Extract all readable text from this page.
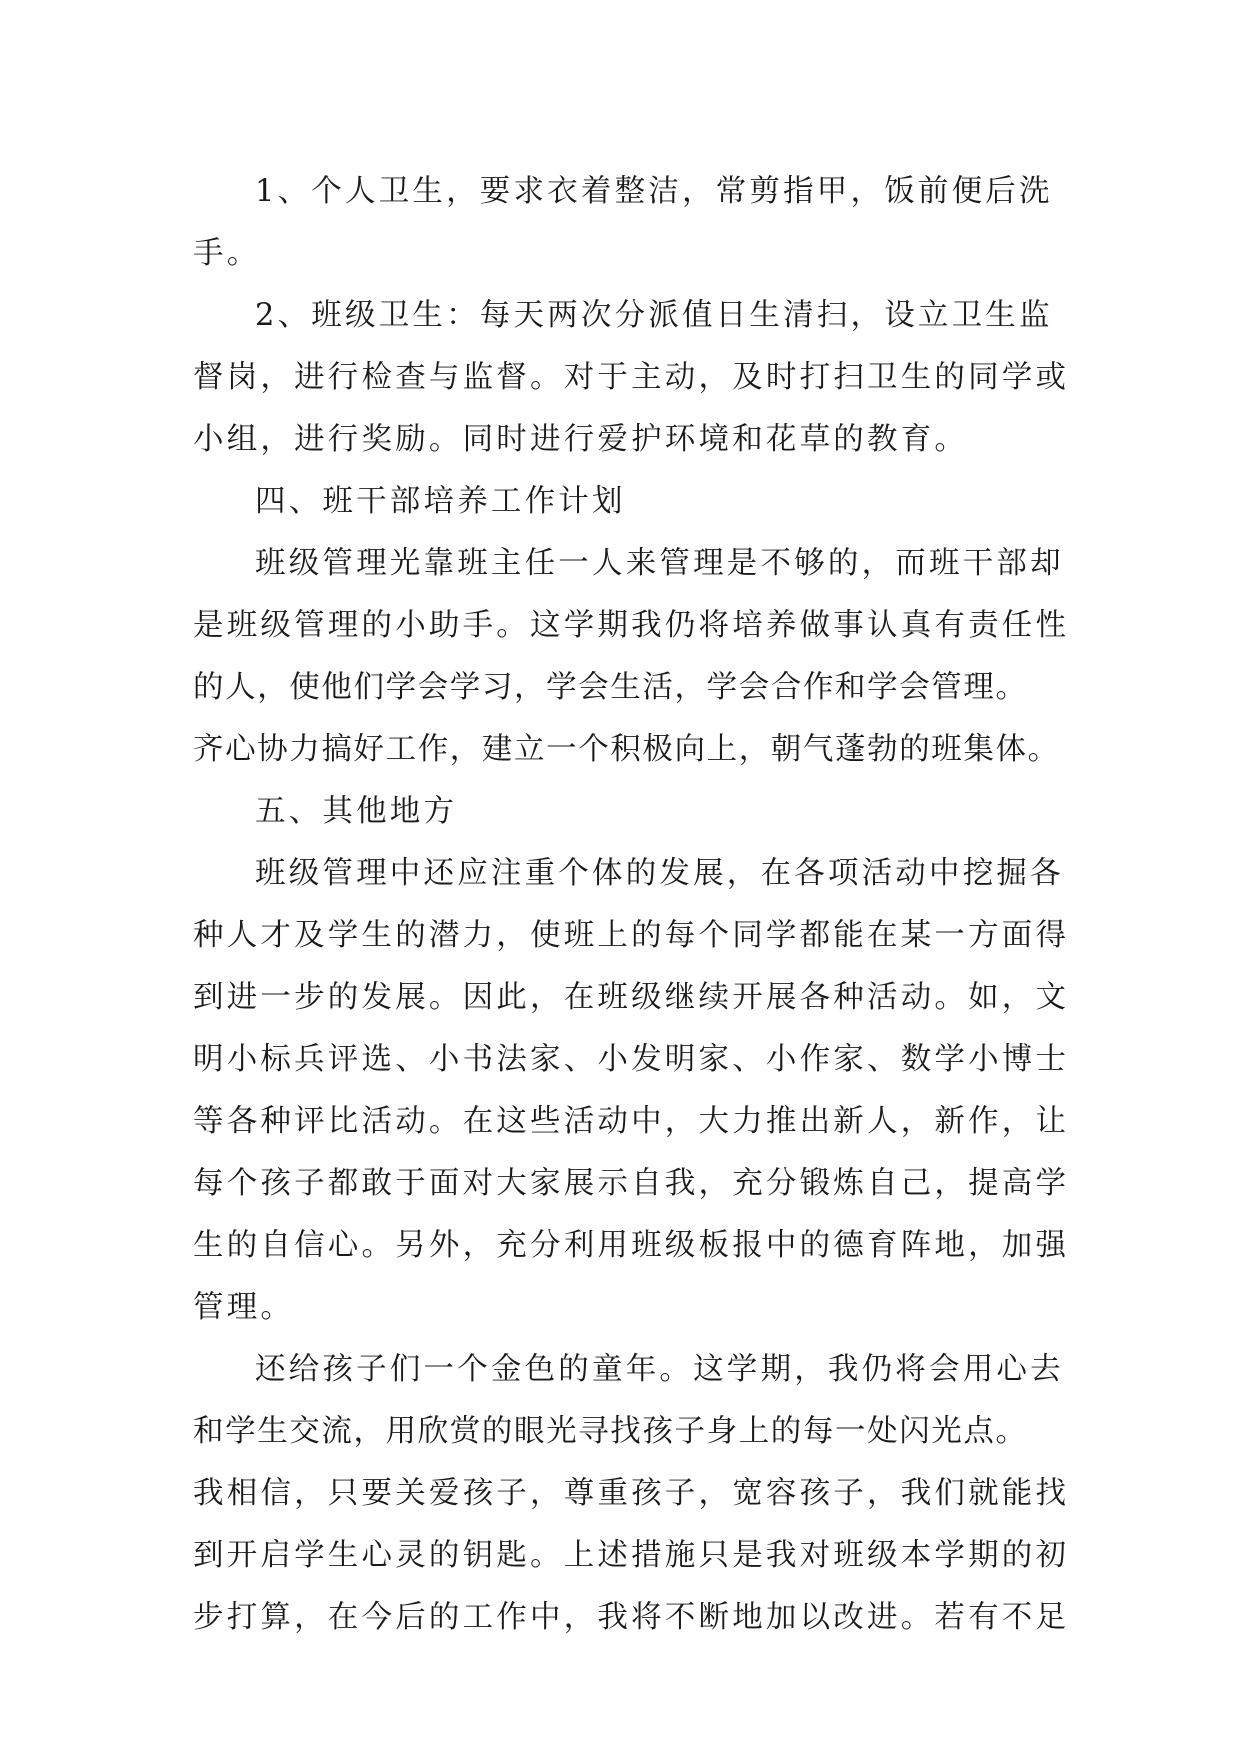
1、个人卫生，要求衣着整洁，常剪指甲，饭前便后洗
手。
2、班级卫生：每天两次分派值日生清扫，设立卫生监
督岗，进行检查与监督。对于主动，及时打扫卫生的同学或
小组，进行奖励。同时进行爱护环境和花草的教育。
四、班干部培养工作计划
班级管理光靠班主任一人来管理是不够的，而班干部却
是班级管理的小助手。这学期我仍将培养做事认真有责任性
的人，使他们学会学习，学会生活，学会合作和学会管理。
齐心协力搞好工作，建立一个积极向上，朝气蓬勃的班集体。
五、其他地方
班级管理中还应注重个体的发展，在各项活动中挖掘各
种人才及学生的潜力，使班上的每个同学都能在某一方面得
到进一步的发展。因此，在班级继续开展各种活动。如，文
明小标兵评选、小书法家、小发明家、小作家、数学小博士
等各种评比活动。在这些活动中，大力推出新人，新作，让
每个孩子都敢于面对大家展示自我，充分锻炼自己，提高学
生的自信心。另外，充分利用班级板报中的德育阵地，加强
管理。
还给孩子们一个金色的童年。这学期，我仍将会用心去
和学生交流，用欣赏的眼光寻找孩子身上的每一处闪光点。
我相信，只要关爱孩子，尊重孩子，宽容孩子，我们就能找
到开启学生心灵的钥匙。上述措施只是我对班级本学期的初
步打算，在今后的工作中，我将不断地加以改进。若有不足
